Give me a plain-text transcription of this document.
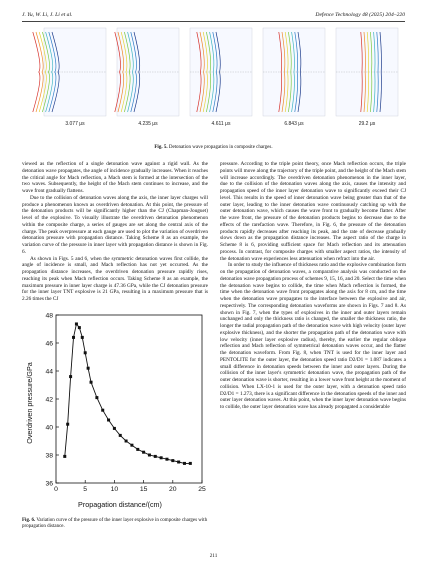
J. Yu, W. Li, J. Li et al.	Defence Technology 48 (2025) 204–220
3.077 μs	4.235 μs	4.611 μs	6.843 μs	29.2 μs
Fig. 5. Detonation wave propagation in composite charges.

viewed as the reflection of a single detonation wave against a rigid wall. As the detonation wave propagates, the angle of incidence gradually increases. When it reaches the critical angle for Mach reflection, a Mach stem is formed at the intersection of the two waves. Subsequently, the height of the Mach stem continues to increase, and the wave front gradually flattens.

Due to the collision of detonation waves along the axis, the inner layer charges will produce a phenomenon known as overdriven detonation. At this point, the pressure of the detonation products will be significantly higher than the CJ (Chapman-Jouguet) level of the explosive. To visually illustrate the overdriven detonation phenomenon within the composite charge, a series of gauges are set along the central axis of the charge. The peak overpressure at each gauge are used to plot the variation of overdriven detonation pressure with propagation distance. Taking Scheme 8 as an example, the variation curve of the pressure in inner layer with propagation distance is shown in Fig. 6.

As shown in Figs. 5 and 6, when the symmetric detonation waves first collide, the angle of incidence is small, and Mach reflection has not yet occurred. As the propagation distance increases, the overdriven detonation pressure rapidly rises, reaching its peak when Mach reflection occurs. Taking Scheme 8 as an example, the maximum pressure in inner layer charge is 47.36 GPa, while the CJ detonation pressure for the inner layer TNT explosive is 21 GPa, resulting in a maximum pressure that is 2.26 times the CJ

0	5	10	15	20	25
36
38
40
42
44
46
48
Propagation distance/(cm)
Overdriven pressure/GPa
Fig. 6. Variation curve of the pressure of the inner layer explosive in composite charges with propagation distance.

pressure. According to the triple point theory, once Mach reflection occurs, the triple points will move along the trajectory of the triple point, and the height of the Mach stem will increase accordingly. The overdriven detonation phenomenon in the inner layer, due to the collision of the detonation waves along the axis, causes the intensity and propagation speed of the inner layer detonation wave to significantly exceed their CJ level. This results in the speed of inner detonation wave being greater than that of the outer layer, leading to the inner detonation wave continuously catching up with the outer detonation wave, which causes the wave front to gradually become flatter. After the wave front, the pressure of the detonation products begins to decrease due to the effects of the rarefaction wave. Therefore, in Fig. 6, the pressure of the detonation products rapidly decreases after reaching its peak, and the rate of decrease gradually slows down as the propagation distance increases. The aspect ratio of the charge in Scheme 8 is 6, providing sufficient space for Mach reflection and its attenuation process. In contrast, for composite charges with smaller aspect ratios, the intensity of the detonation wave experiences less attenuation when refract into the air.

In order to study the influence of thickness ratio and the explosive combination form on the propagation of detonation waves, a comparative analysis was conducted on the detonation wave propagation process of schemes 9, 15, 16, and 20. Select the time when the detonation wave begins to collide, the time when Mach reflection is formed, the time when the detonation wave front propagates along the axis for 8 cm, and the time when the detonation wave propagates to the interface between the explosive and air, respectively. The corresponding detonation waveforms are shown in Figs. 7 and 8. As shown in Fig. 7, when the types of explosives in the inner and outer layers remain unchanged and only the thickness ratio is changed, the smaller the thickness ratio, the longer the radial propagation path of the detonation wave with high velocity (outer layer explosive thickness), and the shorter the propagation path of the detonation wave with low velocity (inner layer explosive radius), thereby, the earlier the regular oblique reflection and Mach reflection of symmetrical detonation waves occur, and the flatter the detonation waveform. From Fig. 8, when TNT is used for the inner layer and PENTOLITE for the outer layer, the detonation speed ratio D2/D1 = 1.087 indicates a small difference in detonation speeds between the inner and outer layers. During the collision of the inner layer's symmetric detonation wave, the propagation path of the outer detonation wave is shorter, resulting in a lower wave front height at the moment of collision. When LX-10-1 is used for the outer layer, with a detonation speed ratio D2/D1 = 1.273, there is a significant difference in the detonation speeds of the inner and outer layer detonation waves. At this point, when the inner layer detonation wave begins to collide, the outer layer detonation wave has already propagated a considerable

211
